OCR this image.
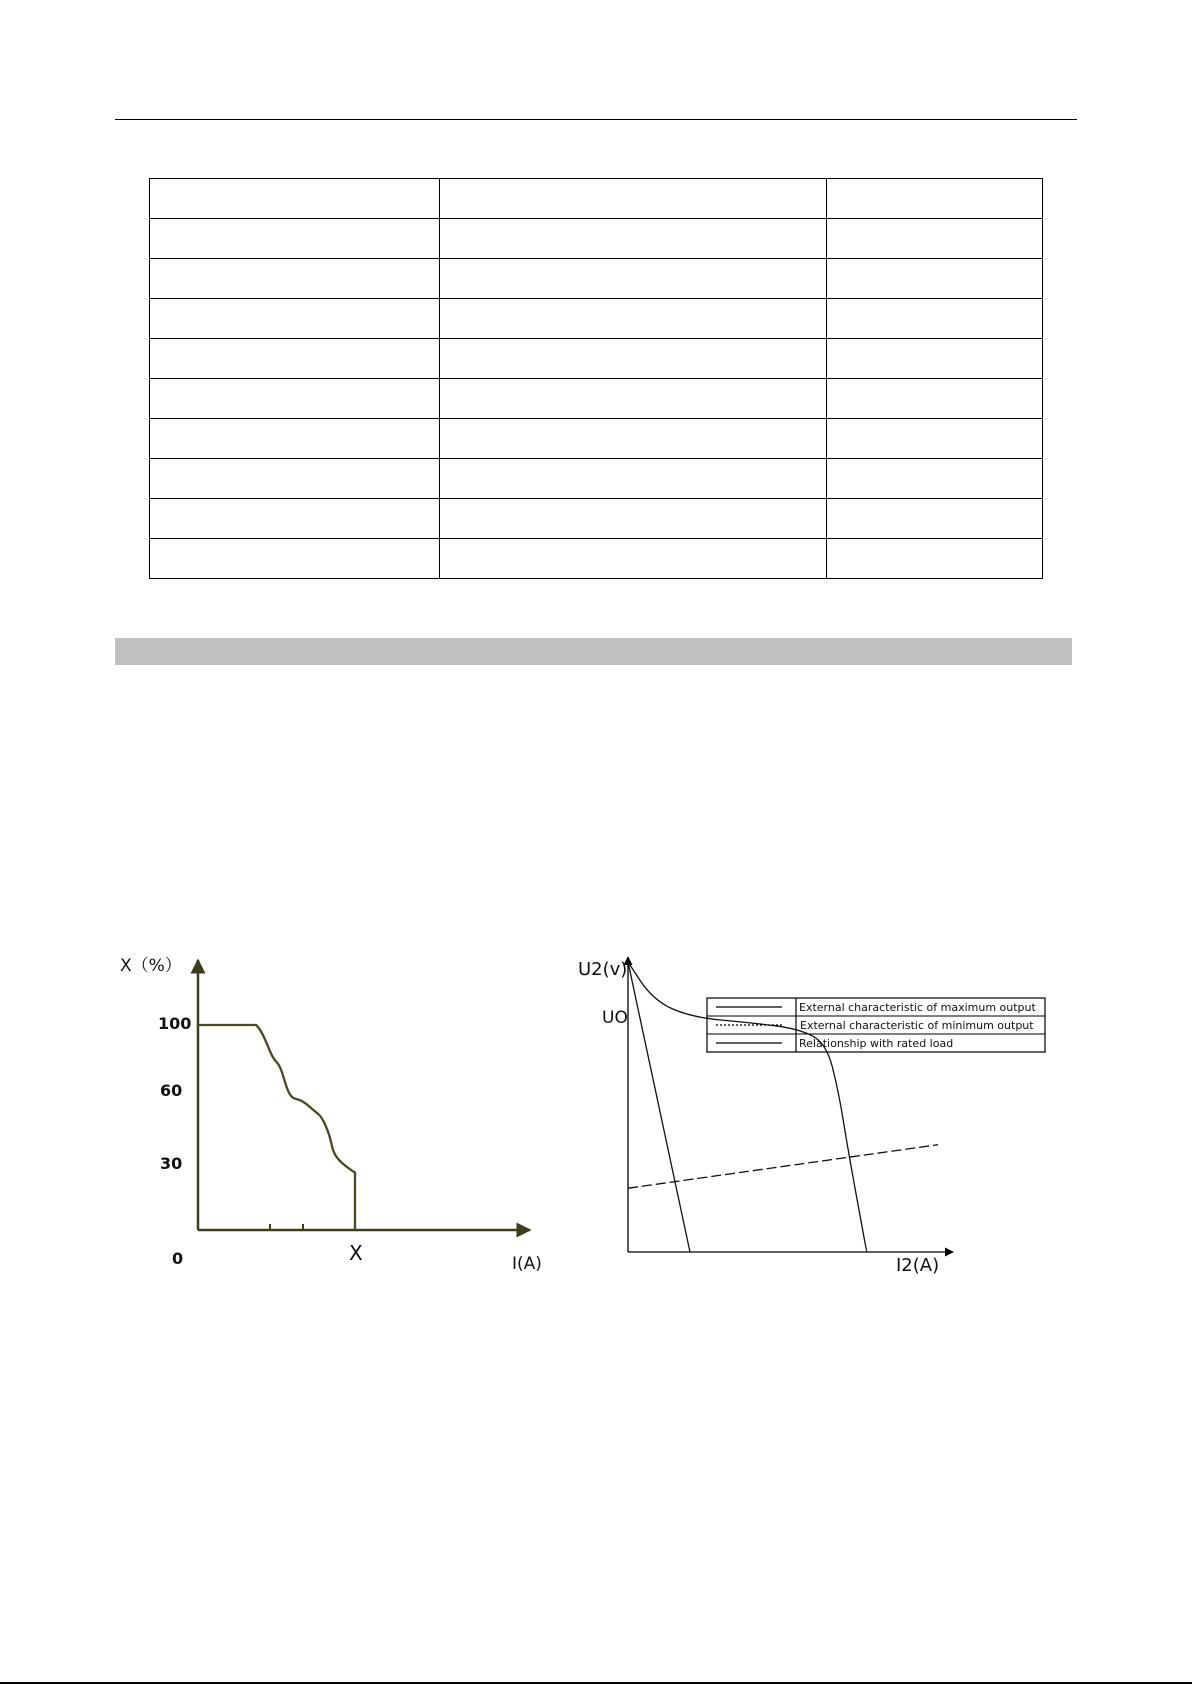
X（%）
100
60
30
0	X	I(A)
U2(v)
UO
I2(A)
External characteristic of maximum output
External characteristic of minimum output
Relationship with rated load
